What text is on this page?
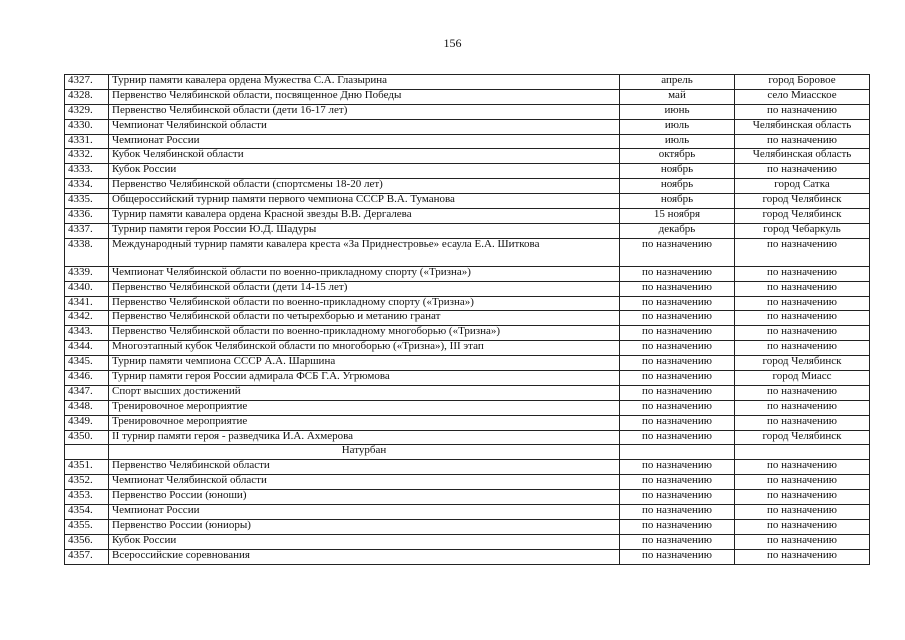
156
4327.	Турнир памяти кавалера ордена Мужества С.А. Глазырина	апрель	город Боровое
4328.	Первенство Челябинской области, посвященное Дню Победы	май	село Миасское
4329.	Первенство Челябинской области (дети 16-17 лет)	июнь	по назначению
4330.	Чемпионат Челябинской области	июль	Челябинская область
4331.	Чемпионат России	июль	по назначению
4332.	Кубок Челябинской области	октябрь	Челябинская область
4333.	Кубок России	ноябрь	по назначению
4334.	Первенство Челябинской области (спортсмены 18-20 лет)	ноябрь	город Сатка
4335.	Общероссийский турнир памяти первого чемпиона СССР В.А. Туманова	ноябрь	город Челябинск
4336.	Турнир памяти кавалера ордена Красной звезды В.В. Дергалева	15 ноября	город Челябинск
4337.	Турнир памяти героя России Ю.Д. Шадуры	декабрь	город Чебаркуль
4338.	Международный турнир памяти кавалера креста «За Приднестровье» есаула Е.А. Шиткова	по назначению	по назначению
4339.	Чемпионат Челябинской области по военно-прикладному спорту («Тризна»)	по назначению	по назначению
4340.	Первенство Челябинской области (дети 14-15 лет)	по назначению	по назначению
4341.	Первенство Челябинской области по военно-прикладному спорту («Тризна»)	по назначению	по назначению
4342.	Первенство Челябинской области по четырехборью и метанию гранат	по назначению	по назначению
4343.	Первенство Челябинской области по военно-прикладному многоборью («Тризна»)	по назначению	по назначению
4344.	Многоэтапный кубок Челябинской области по многоборью («Тризна»), III этап	по назначению	по назначению
4345.	Турнир памяти чемпиона СССР А.А. Шаршина	по назначению	город Челябинск
4346.	Турнир памяти героя России адмирала ФСБ Г.А. Угрюмова	по назначению	город Миасс
4347.	Спорт высших достижений	по назначению	по назначению
4348.	Тренировочное мероприятие	по назначению	по назначению
4349.	Тренировочное мероприятие	по назначению	по назначению
4350.	II турнир памяти героя - разведчика И.А. Ахмерова	по назначению	город Челябинск
	Натурбан		
4351.	Первенство Челябинской области	по назначению	по назначению
4352.	Чемпионат Челябинской области	по назначению	по назначению
4353.	Первенство России (юноши)	по назначению	по назначению
4354.	Чемпионат России	по назначению	по назначению
4355.	Первенство России (юниоры)	по назначению	по назначению
4356.	Кубок России	по назначению	по назначению
4357.	Всероссийские соревнования	по назначению	по назначению
